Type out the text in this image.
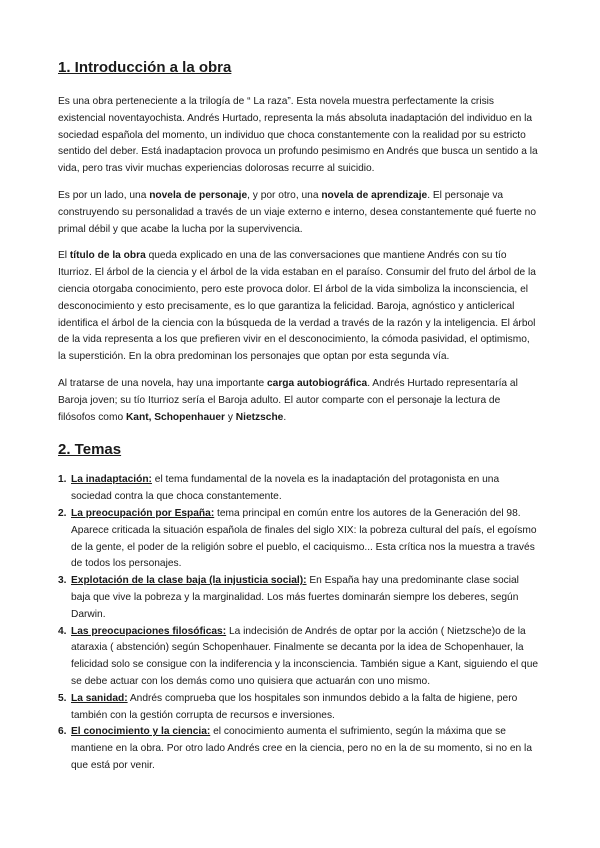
1. Introducción a la obra

Es una obra perteneciente a la trilogía de “ La raza”. Esta novela muestra perfectamente la crisis existencial noventayochista. Andrés Hurtado, representa la más absoluta inadaptación del individuo en la sociedad española del momento, un individuo que choca constantemente con la realidad por su estricto sentido del deber. Está inadaptacion provoca un profundo pesimismo en Andrés que busca un sentido a la vida, pero tras vivir muchas experiencias dolorosas recurre al suicidio.

Es por un lado, una novela de personaje, y por otro, una novela de aprendizaje. El personaje va construyendo su personalidad a través de un viaje externo e interno, desea constantemente qué fuerte no primal débil y que acabe la lucha por la supervivencia.

El título de la obra queda explicado en una de las conversaciones que mantiene Andrés con su tío Iturrioz. El árbol de la ciencia y el árbol de la vida estaban en el paraíso. Consumir del fruto del árbol de la ciencia otorgaba conocimiento, pero este provoca dolor. El árbol de la vida simboliza la inconsciencia, el desconocimiento y esto precisamente, es lo que garantiza la felicidad. Baroja, agnóstico y anticlerical identifica el árbol de la ciencia con la búsqueda de la verdad a través de la razón y la inteligencia. El árbol de la vida representa a los que prefieren vivir en el desconocimiento, la cómoda pasividad, el optimismo, la superstición. En la obra predominan los personajes que optan por esta segunda vía.

Al tratarse de una novela, hay una importante carga autobiográfica. Andrés Hurtado representaría al Baroja joven; su tío Iturrioz sería el Baroja adulto. El autor comparte con el personaje la lectura de filósofos como Kant, Schopenhauer y Nietzsche.

2. Temas
1. La inadaptación: el tema fundamental de la novela es la inadaptación del protagonista en una sociedad contra la que choca constantemente.
2. La preocupación por España: tema principal en común entre los autores de la Generación del 98. Aparece criticada la situación española de finales del siglo XIX: la pobreza cultural del país, el egoísmo de la gente, el poder de la religión sobre el pueblo, el caciquismo... Esta crítica nos la muestra a través de todos los personajes.
3. Explotación de la clase baja (la injusticia social): En España hay una predominante clase social baja que vive la pobreza y la marginalidad. Los más fuertes dominarán siempre los deberes, según Darwin.
4. Las preocupaciones filosóficas: La indecisión de Andrés de optar por la acción ( Nietzsche)o de la ataraxia ( abstención) según Schopenhauer. Finalmente se decanta por la idea de Schopenhauer, la felicidad solo se consigue con la indiferencia y la inconsciencia. También sigue a Kant, siguiendo el que se debe actuar con los demás como uno quisiera que actuarán con uno mismo.
5. La sanidad: Andrés comprueba que los hospitales son inmundos debido a la falta de higiene, pero también con la gestión corrupta de recursos e inversiones.
6. El conocimiento y la ciencia: el conocimiento aumenta el sufrimiento, según la máxima que se mantiene en la obra. Por otro lado Andrés cree en la ciencia, pero no en la de su momento, si no en la que está por venir.
